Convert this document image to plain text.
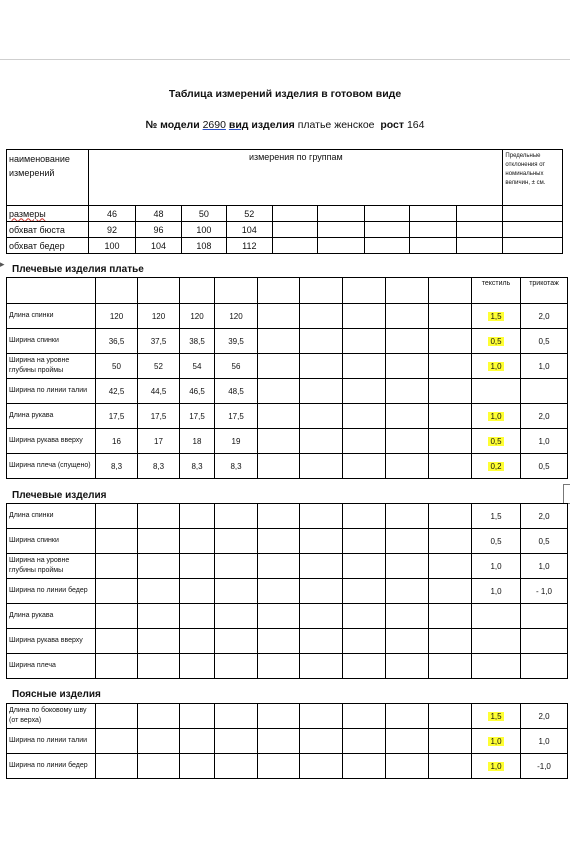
Таблица измерений изделия в готовом виде
№ модели 2690 вид изделия платье женское рост 164
▸
наименование измерений	измерения по группам									Предельные отклонения от номинальных величин, ± см.
размеры	46	48	50	52						
обхват бюста	92	96	100	104						
обхват бедер	100	104	108	112						
Плечевые изделия платье
										текстиль	трикотаж
Длина спинки	120	120	120	120						1,5	2,0
Ширина спинки	36,5	37,5	38,5	39,5						0,5	0,5
Ширина на уровне глубины проймы	50	52	54	56						1,0	1,0
Ширина по линии талии	42,5	44,5	46,5	48,5							
Длина рукава	17,5	17,5	17,5	17,5						1,0	2,0
Ширина рукава вверху	16	17	18	19						0,5	1,0
Ширина плеча (спущено)	8,3	8,3	8,3	8,3						0,2	0,5
Плечевые изделия
Длина спинки										1,5	2,0
Ширина спинки										0,5	0,5
Ширина на уровне глубины проймы										1,0	1,0
Ширина по линии бедер										1,0	- 1,0
Длина рукава											
Ширина рукава вверху											
Ширина плеча											
Поясные изделия
Длина по боковому шву (от верха)										1,5	2,0
Ширина по линии талии										1,0	1,0
Ширина по линии бедер										1,0	-1,0
